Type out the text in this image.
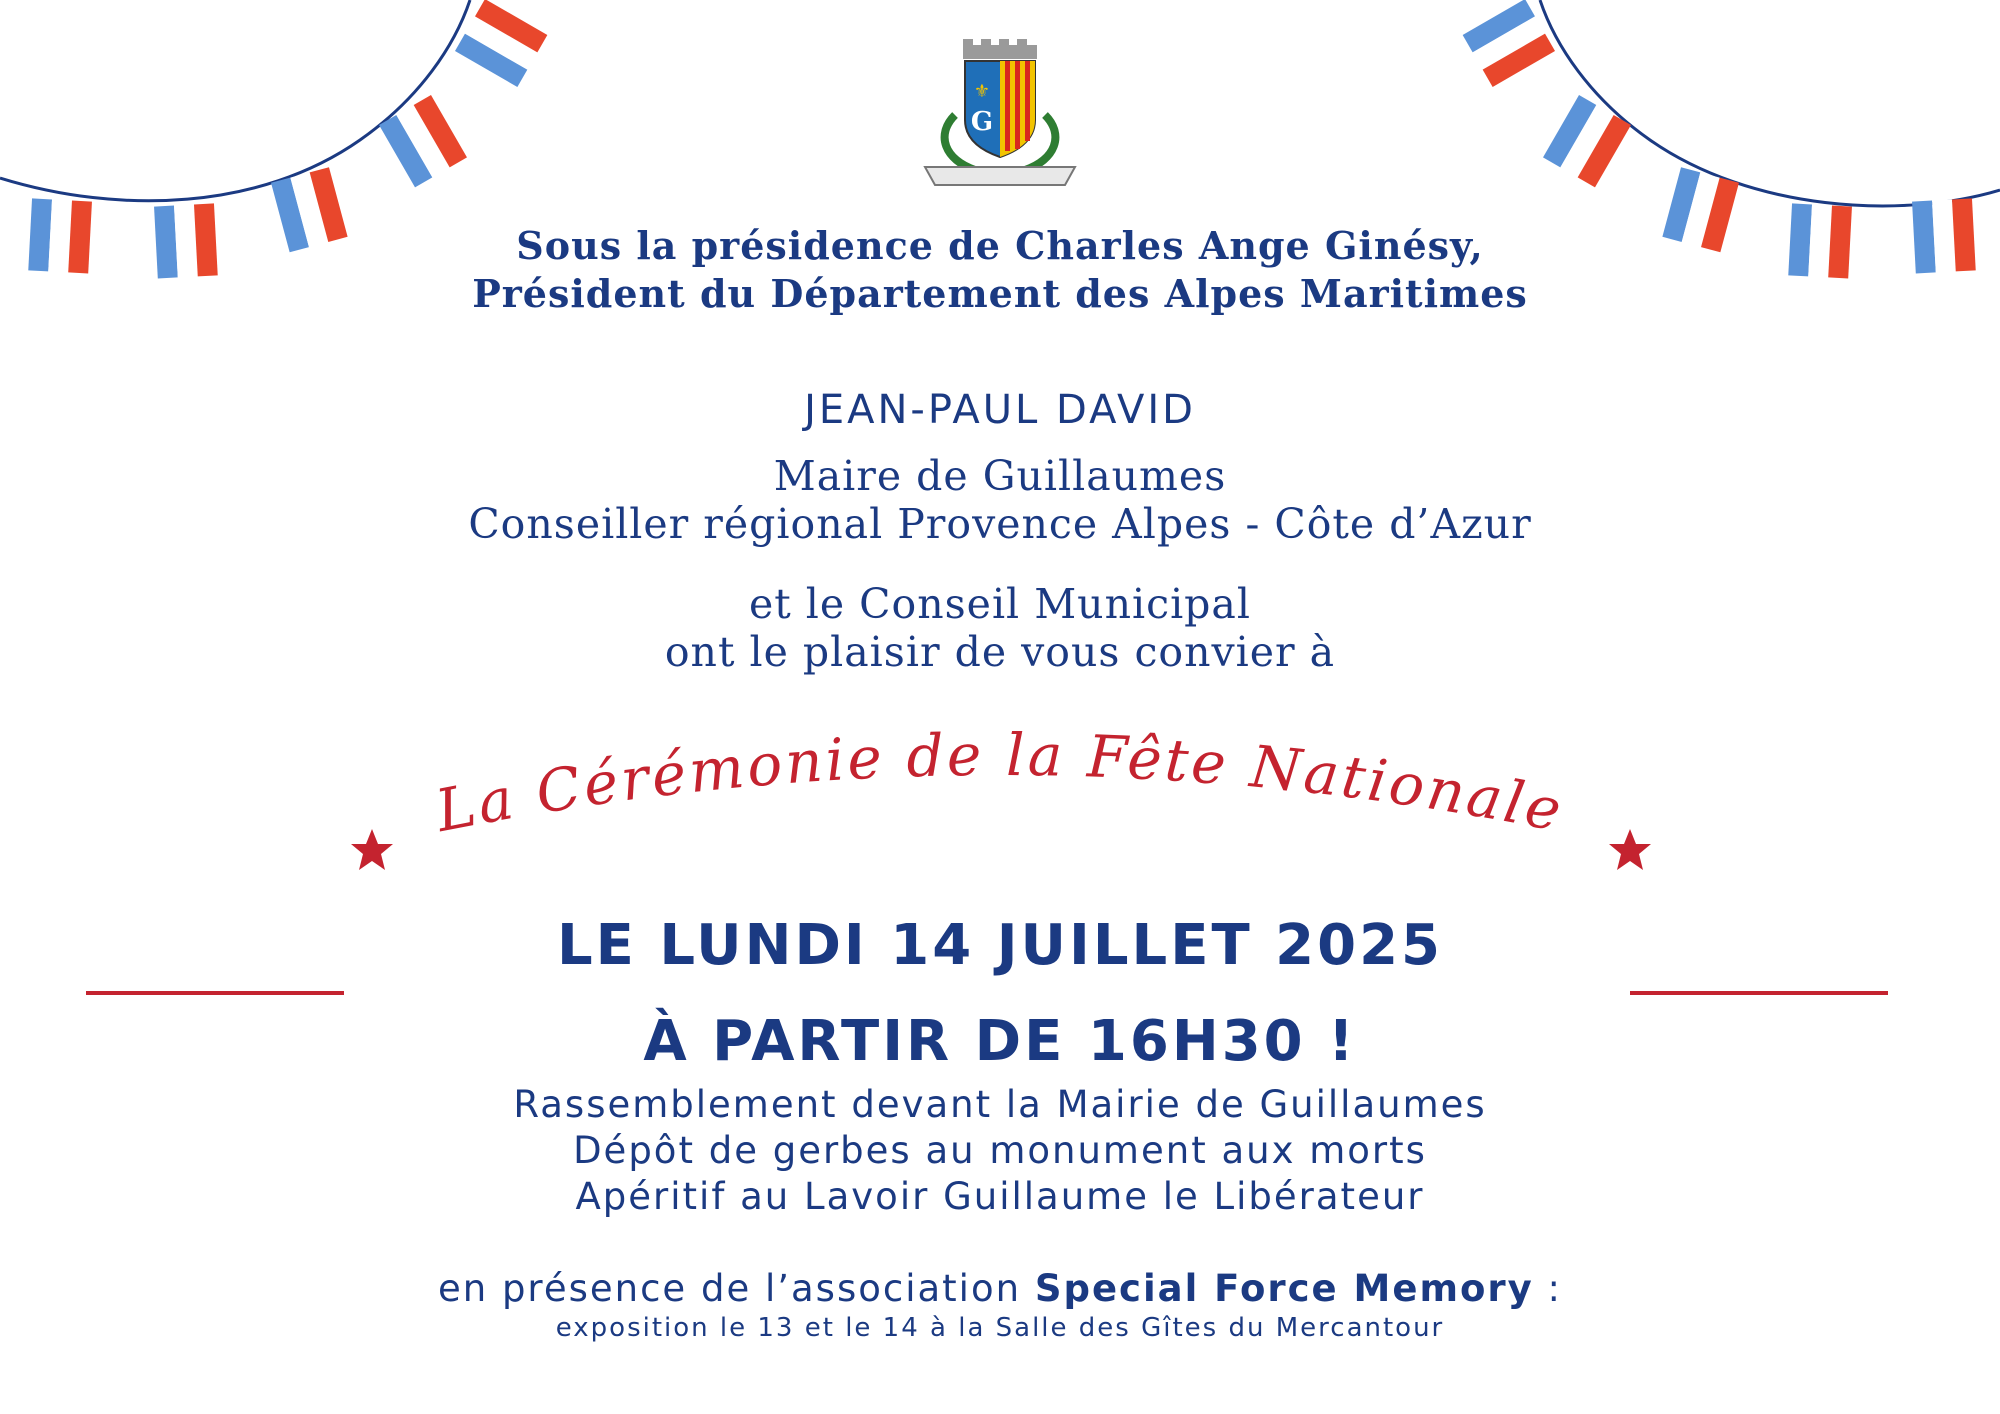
⚜
G
Sous la présidence de Charles Ange Ginésy,
Président du Département des Alpes Maritimes
JEAN-PAUL DAVID
Maire de Guillaumes
Conseiller régional Provence Alpes - Côte d’Azur
et le Conseil Municipal
ont le plaisir de vous convier à
La Cérémonie de la Fête Nationale
LE LUNDI 14 JUILLET 2025
À PARTIR DE 16H30 !
Rassemblement devant la Mairie de Guillaumes
Dépôt de gerbes au monument aux morts
Apéritif au Lavoir Guillaume le Libérateur
en présence de l’association Special Force Memory :
exposition le 13 et le 14 à la Salle des Gîtes du Mercantour
